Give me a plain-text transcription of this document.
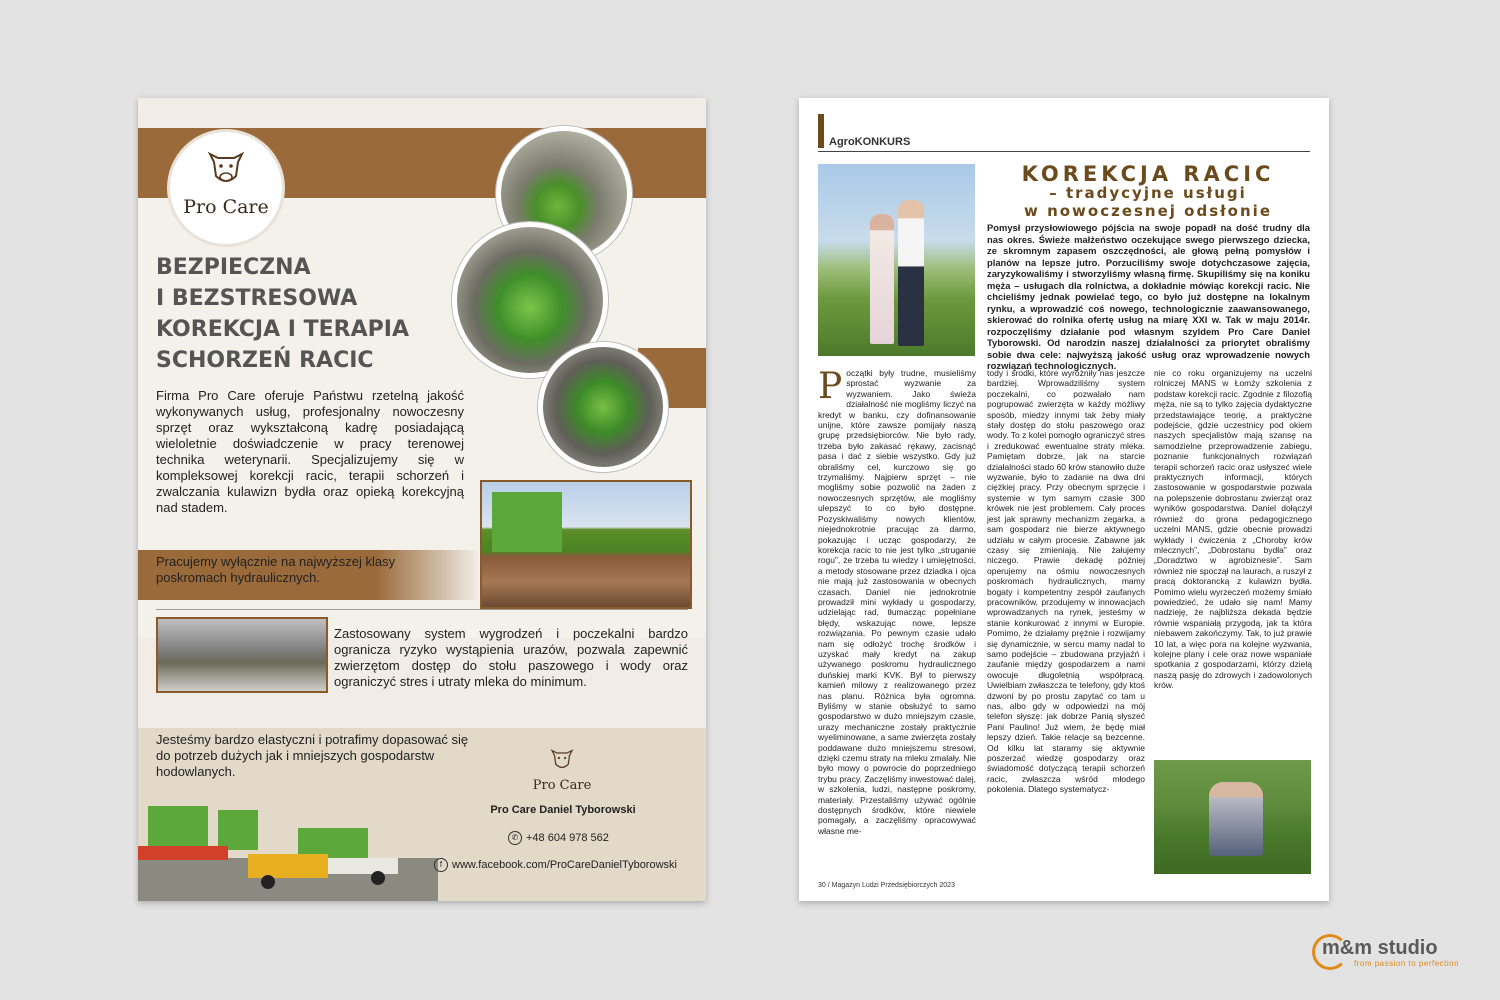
Pro Care
BEZPIECZNA
I BEZSTRESOWA
KOREKCJA I TERAPIA
SCHORZEŃ RACIC
Firma Pro Care oferuje Państwu rzetelną jakość wykonywanych usług, profesjonalny nowoczesny sprzęt oraz wykształconą kadrę posiadającą wieloletnie doświadczenie w pracy terenowej technika weterynarii. Specjalizujemy się w kompleksowej korekcji racic, terapii schorzeń i zwalczania kulawizn bydła oraz opieką korekcyjną nad stadem.
Pracujemy wyłącznie na najwyższej klasy poskromach hydraulicznych.
Zastosowany system wygrodzeń i poczekalni bardzo ogranicza ryzyko wystąpienia urazów, pozwala zapewnić zwierzętom dostęp do stołu paszowego i wody oraz ograniczyć stres i utraty mleka do minimum.
Jesteśmy bardzo elastyczni i potrafimy dopasować się do potrzeb dużych jak i mniejszych gospodarstw hodowlanych.
Pro Care
Pro Care Daniel Tyborowski
✆ +48 604 978 562
f www.facebook.com/ProCareDanielTyborowski
AgroKONKURS
KOREKCJA RACIC
– tradycyjne usługi
w nowoczesnej odsłonie
Pomysł przysłowiowego pójścia na swoje popadł na dość trudny dla nas okres. Świeże małżeństwo oczekujące swego pierwszego dziecka, ze skromnym zapasem oszczędności, ale głową pełną pomysłów i planów na lepsze jutro. Porzuciliśmy swoje dotychczasowe zajęcia, zaryzykowaliśmy i stworzyliśmy własną firmę. Skupiliśmy się na koniku męża – usługach dla rolnictwa, a dokładnie mówiąc korekcji racic. Nie chcieliśmy jednak powielać tego, co było już dostępne na lokalnym rynku, a wprowadzić coś nowego, technologicznie zaawansowanego, skierować do rolnika ofertę usług na miarę XXI w. Tak w maju 2014r. rozpoczęliśmy działanie pod własnym szyldem Pro Care Daniel Tyborowski. Od narodzin naszej działalności za priorytet obraliśmy sobie dwa cele: najwyższą jakość usług oraz wprowadzenie nowych rozwiązań technologicznych.
Początki były trudne, musieliśmy sprostać wyzwanie za wyzwaniem. Jako świeża działalność nie mogliśmy liczyć na kredyt w banku, czy dofinansowanie unijne, które zawsze pomijały naszą grupę przedsiębiorców. Nie było rady, trzeba było zakasać rękawy, zacisnąć pasa i dać z siebie wszystko. Gdy już obraliśmy cel, kurczowo się go trzymaliśmy. Najpierw sprzęt – nie mogliśmy sobie pozwolić na żaden z nowoczesnych sprzętów, ale mogliśmy ulepszyć to co było dostępne. Pozyskiwaliśmy nowych klientów, niejednokrotnie pracując za darmo, pokazując i ucząc gospodarzy, że korekcja racic to nie jest tylko „struganie rogu”, że trzeba tu wiedzy i umiejętności, a metody stosowane przez dziadka i ojca nie mają już zastosowania w obecnych czasach. Daniel nie jednokrotnie prowadził mini wykłady u gospodarzy, udzielając rad, tłumacząc popełniane błędy, wskazując nowe, lepsze rozwiązania. Po pewnym czasie udało nam się odłożyć trochę środków i uzyskać mały kredyt na zakup używanego poskromu hydraulicznego duńskiej marki KVK. Był to pierwszy kamień milowy z realizowanego przez nas planu. Różnica była ogromna. Byliśmy w stanie obsłużyć to samo gospodarstwo w dużo mniejszym czasie, urazy mechaniczne zostały praktycznie wyeliminowane, a same zwierzęta zostały poddawane dużo mniejszemu stresowi, dzięki czemu straty na mleku zmalały. Nie było mowy o powrocie do poprzedniego trybu pracy. Zaczęliśmy inwestować dalej, w szkolenia, ludzi, następne poskromy, materiały. Przestaliśmy używać ogólnie dostępnych środków, które niewiele pomagały, a zaczęliśmy opracowywać własne me-
tody i środki, które wyróżniły nas jeszcze bardziej. Wprowadziliśmy system poczekalni, co pozwalało nam pogrupować zwierzęta w każdy możliwy sposób, miedzy innymi tak żeby miały stały dostęp do stołu paszowego oraz wody. To z kolei pomogło ograniczyć stres i zredukować ewentualne straty mleka. Pamiętam dobrze, jak na starcie działalności stado 60 krów stanowiło duże wyzwanie, było to zadanie na dwa dni ciężkiej pracy. Przy obecnym sprzęcie i systemie w tym samym czasie 300 krówek nie jest problemem. Cały proces jest jak sprawny mechanizm zegarka, a sam gospodarz nie bierze aktywnego udziału w całym procesie. Zabawne jak czasy się zmieniają. Nie żałujemy niczego. Prawie dekadę później operujemy na ośmiu nowoczesnych poskromach hydraulicznych, mamy bogaty i kompetentny zespół zaufanych pracowników, przodujemy w innowacjach wprowadzanych na rynek, jesteśmy w stanie konkurować z innymi w Europie. Pomimo, że działamy prężnie i rozwijamy się dynamicznie, w sercu mamy nadal to samo podejście – zbudowana przyjaźń i zaufanie między gospodarzem a nami owocuje długoletnią współpracą. Uwielbiam zwłaszcza te telefony, gdy ktoś dzwoni by po prostu zapytać co tam u nas, albo gdy w odpowiedzi na mój telefon słyszę: jak dobrze Panią słyszeć Pani Paulino! Już wiem, że będę miał lepszy dzień. Takie relacje są bezcenne. Od kilku lat staramy się aktywnie poszerzać wiedzę gospodarzy oraz świadomość dotyczącą terapii schorzeń racic, zwłaszcza wśród młodego pokolenia. Dlatego systematycz-
nie co roku organizujemy na uczelni rolniczej MANS w Łomży szkolenia z podstaw korekcji racic. Zgodnie z filozofią męża, nie są to tylko zajęcia dydaktyczne przedstawiające teorię, a praktyczne podejście, gdzie uczestnicy pod okiem naszych specjalistów mają szansę na samodzielne przeprowadzenie zabiegu, poznanie funkcjonalnych rozwiązań terapii schorzeń racic oraz usłyszeć wiele praktycznych informacji, których zastosowanie w gospodarstwie pozwala na polepszenie dobrostanu zwierząt oraz wyników gospodarstwa. Daniel dołączył również do grona pedagogicznego uczelni MANS, gdzie obecnie prowadzi wykłady i ćwiczenia z „Choroby krów mlecznych”, „Dobrostanu bydła” oraz „Doradztwo w agrobiznesie”. Sam również nie spoczął na laurach, a ruszył z pracą doktorancką z kulawizn bydła. Pomimo wielu wyrzeczeń możemy śmiało powiedzieć, że udało się nam! Mamy nadzieję, że najbliższa dekada będzie równie wspaniałą przygodą, jak ta która niebawem zakończymy. Tak, to już prawie 10 lat, a więc pora na kolejne wyzwania, kolejne plany i cele oraz nowe wspaniałe spotkania z gospodarzami, którzy dzielą naszą pasję do zdrowych i zadowolonych krów.
30 / Magazyn Ludzi Przedsiębiorczych 2023
m&m studio
from passion to perfection
